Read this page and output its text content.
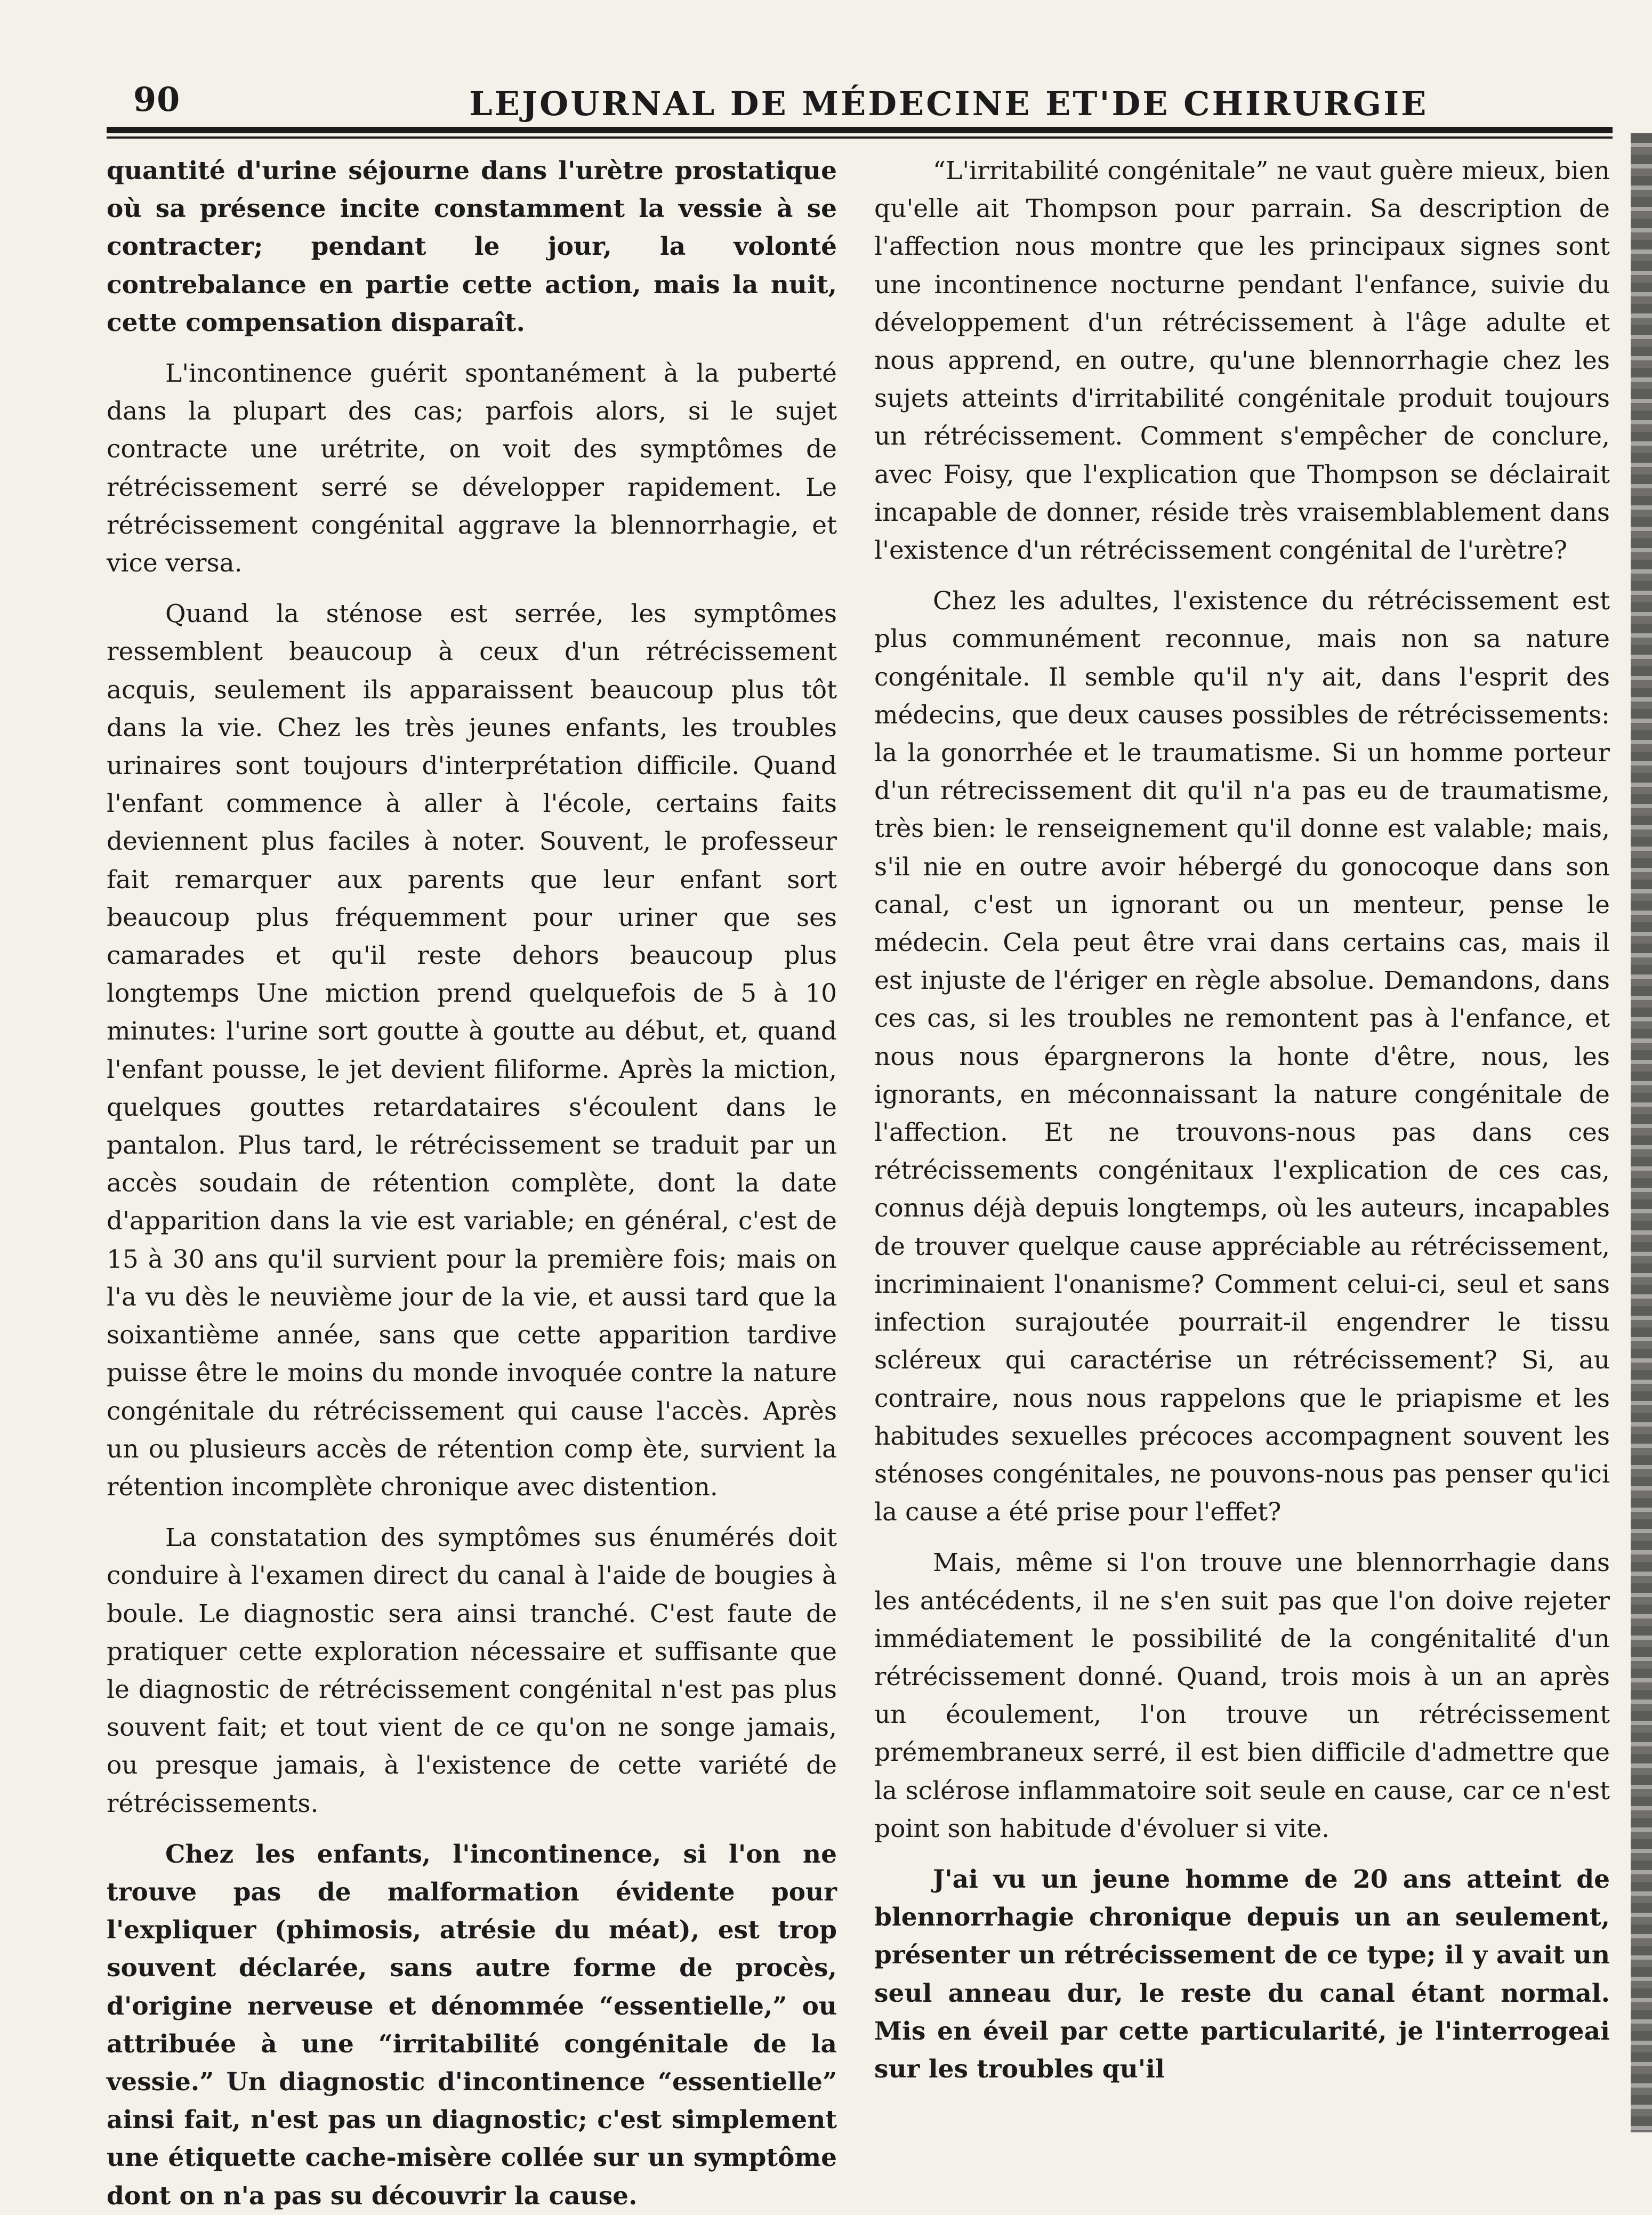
90	LEJOURNAL DE MÉDECINE ET'DE CHIRURGIE

quantité d'urine séjourne dans l'urètre prostatique où sa présence incite constamment la vessie à se contracter; pendant le jour, la volonté contrebalance en partie cette action, mais la nuit, cette compensation disparaît.

L'incontinence guérit spontanément à la puberté dans la plupart des cas; parfois alors, si le sujet contracte une urétrite, on voit des symptômes de rétrécissement serré se développer rapidement. Le rétrécissement congénital aggrave la blennorrhagie, et vice versa.

Quand la sténose est serrée, les symptômes ressemblent beaucoup à ceux d'un rétrécissement acquis, seulement ils apparaissent beaucoup plus tôt dans la vie. Chez les très jeunes enfants, les troubles urinaires sont toujours d'interprétation difficile. Quand l'enfant commence à aller à l'école, certains faits deviennent plus faciles à noter. Souvent, le professeur fait remarquer aux parents que leur enfant sort beaucoup plus fréquemment pour uriner que ses camarades et qu'il reste dehors beaucoup plus longtemps Une miction prend quelquefois de 5 à 10 minutes: l'urine sort goutte à goutte au début, et, quand l'enfant pousse, le jet devient filiforme. Après la miction, quelques gouttes retardataires s'écoulent dans le pantalon. Plus tard, le rétrécissement se traduit par un accès soudain de rétention complète, dont la date d'apparition dans la vie est variable; en général, c'est de 15 à 30 ans qu'il survient pour la première fois; mais on l'a vu dès le neuvième jour de la vie, et aussi tard que la soixantième année, sans que cette apparition tardive puisse être le moins du monde invoquée contre la nature congénitale du rétrécissement qui cause l'accès. Après un ou plusieurs accès de rétention comp ète, survient la rétention incomplète chronique avec distention.

La constatation des symptômes sus énumérés doit conduire à l'examen direct du canal à l'aide de bougies à boule. Le diagnostic sera ainsi tranché. C'est faute de pratiquer cette exploration nécessaire et suffisante que le diagnostic de rétrécissement congénital n'est pas plus souvent fait; et tout vient de ce qu'on ne songe jamais, ou presque jamais, à l'existence de cette variété de rétrécissements.

Chez les enfants, l'incontinence, si l'on ne trouve pas de malformation évidente pour l'expliquer (phimosis, atrésie du méat), est trop souvent déclarée, sans autre forme de procès, d'origine nerveuse et dénommée “essentielle,” ou attribuée à une “irritabilité congénitale de la vessie.” Un diagnostic d'incontinence “essentielle” ainsi fait, n'est pas un diagnostic; c'est simplement une étiquette cache-misère collée sur un symptôme dont on n'a pas su découvrir la cause.

“L'irritabilité congénitale” ne vaut guère mieux, bien qu'elle ait Thompson pour parrain. Sa description de l'affection nous montre que les principaux signes sont une incontinence nocturne pendant l'enfance, suivie du développement d'un rétrécissement à l'âge adulte et nous apprend, en outre, qu'une blennorrhagie chez les sujets atteints d'irritabilité congénitale produit toujours un rétrécissement. Comment s'empêcher de conclure, avec Foisy, que l'explication que Thompson se déclairait incapable de donner, réside très vraisemblablement dans l'existence d'un rétrécissement congénital de l'urètre?

Chez les adultes, l'existence du rétrécissement est plus communément reconnue, mais non sa nature congénitale. Il semble qu'il n'y ait, dans l'esprit des médecins, que deux causes possibles de rétrécissements: la la gonorrhée et le traumatisme. Si un homme porteur d'un rétrecissement dit qu'il n'a pas eu de traumatisme, très bien: le renseignement qu'il donne est valable; mais, s'il nie en outre avoir hébergé du gonocoque dans son canal, c'est un ignorant ou un menteur, pense le médecin. Cela peut être vrai dans certains cas, mais il est injuste de l'ériger en règle absolue. Demandons, dans ces cas, si les troubles ne remontent pas à l'enfance, et nous nous épargnerons la honte d'être, nous, les ignorants, en méconnaissant la nature congénitale de l'affection. Et ne trouvons-nous pas dans ces rétrécissements congénitaux l'explication de ces cas, connus déjà depuis longtemps, où les auteurs, incapables de trouver quelque cause appréciable au rétrécissement, incriminaient l'onanisme? Comment celui-ci, seul et sans infection surajoutée pourrait-il engendrer le tissu scléreux qui caractérise un rétrécissement? Si, au contraire, nous nous rappelons que le priapisme et les habitudes sexuelles précoces accompagnent souvent les sténoses congénitales, ne pouvons-nous pas penser qu'ici la cause a été prise pour l'effet?

Mais, même si l'on trouve une blennorrhagie dans les antécédents, il ne s'en suit pas que l'on doive rejeter immédiatement le possibilité de la congénitalité d'un rétrécissement donné. Quand, trois mois à un an après un écoulement, l'on trouve un rétrécissement prémembraneux serré, il est bien difficile d'admettre que la sclérose inflammatoire soit seule en cause, car ce n'est point son habitude d'évoluer si vite.

J'ai vu un jeune homme de 20 ans atteint de blennorrhagie chronique depuis un an seulement, présenter un rétrécissement de ce type; il y avait un seul anneau dur, le reste du canal étant normal. Mis en éveil par cette particularité, je l'interrogeai sur les troubles qu'il
